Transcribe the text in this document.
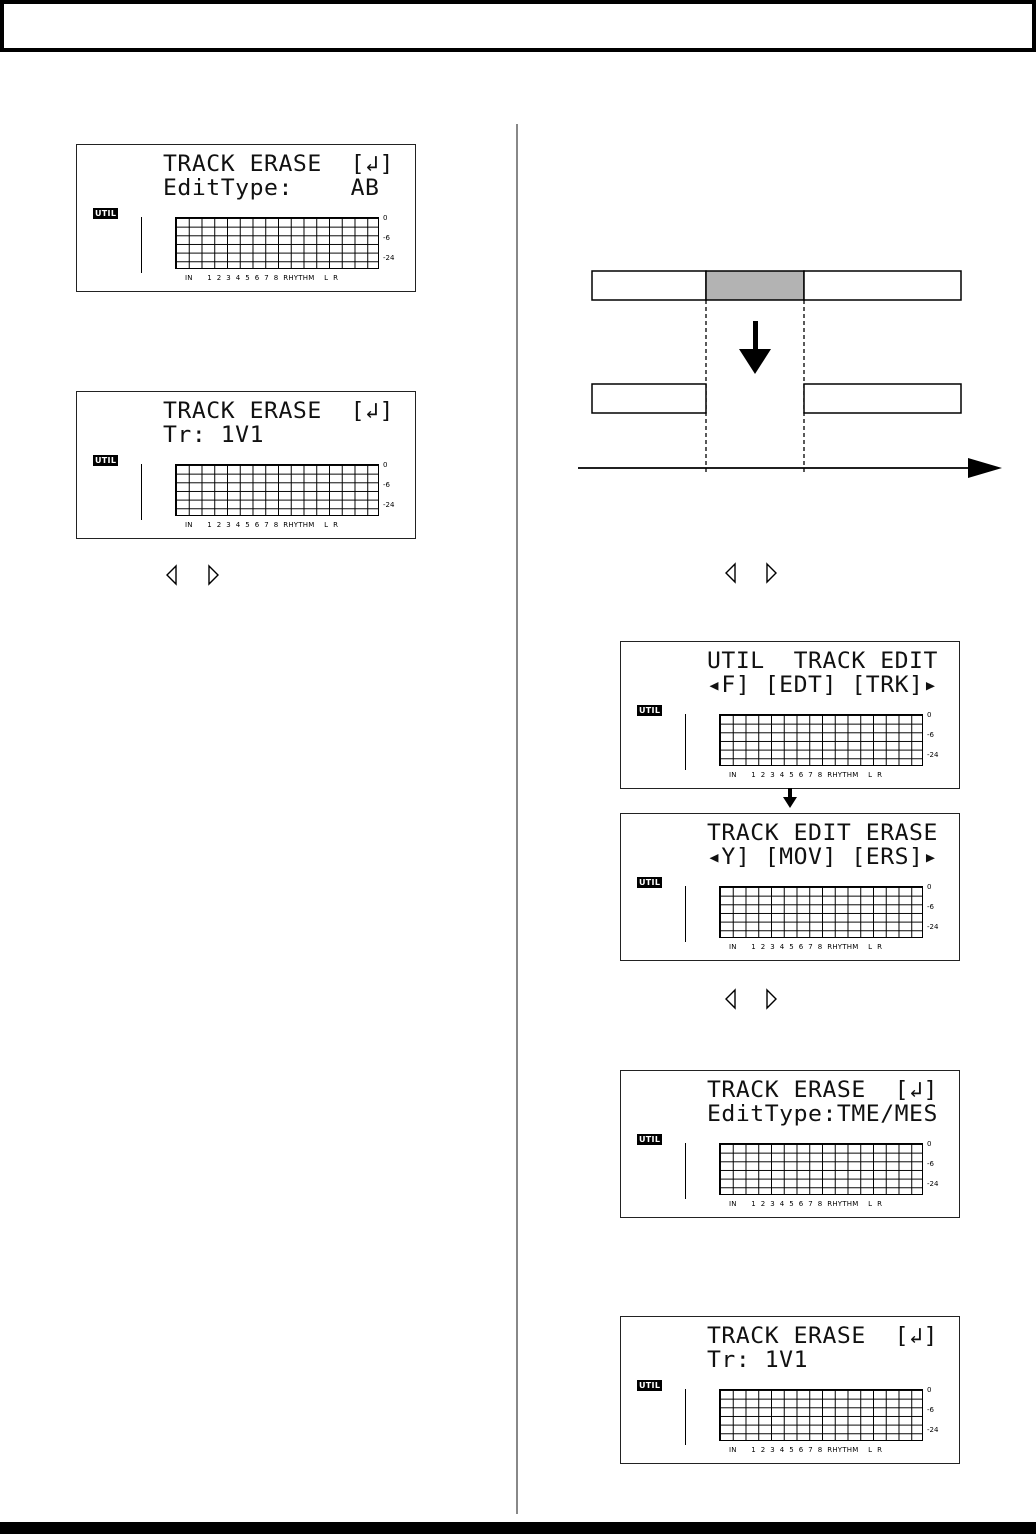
TRACK ERASE  [↲]
EditType:    AB
UTIL	0
-6
-24
IN      1  2  3  4  5  6  7  8  RHYTHM    L  R
TRACK ERASE  [↲]
Tr: 1V1
UTIL	0
-6
-24
IN      1  2  3  4  5  6  7  8  RHYTHM    L  R
UTIL  TRACK EDIT
◂F] [EDT] [TRK]▸
UTIL	0
-6
-24
IN      1  2  3  4  5  6  7  8  RHYTHM    L  R
TRACK EDIT ERASE
◂Y] [MOV] [ERS]▸
UTIL	0
-6
-24
IN      1  2  3  4  5  6  7  8  RHYTHM    L  R
TRACK ERASE  [↲]
EditType:TME/MES
UTIL	0
-6
-24
IN      1  2  3  4  5  6  7  8  RHYTHM    L  R
TRACK ERASE  [↲]
Tr: 1V1
UTIL	0
-6
-24
IN      1  2  3  4  5  6  7  8  RHYTHM    L  R
